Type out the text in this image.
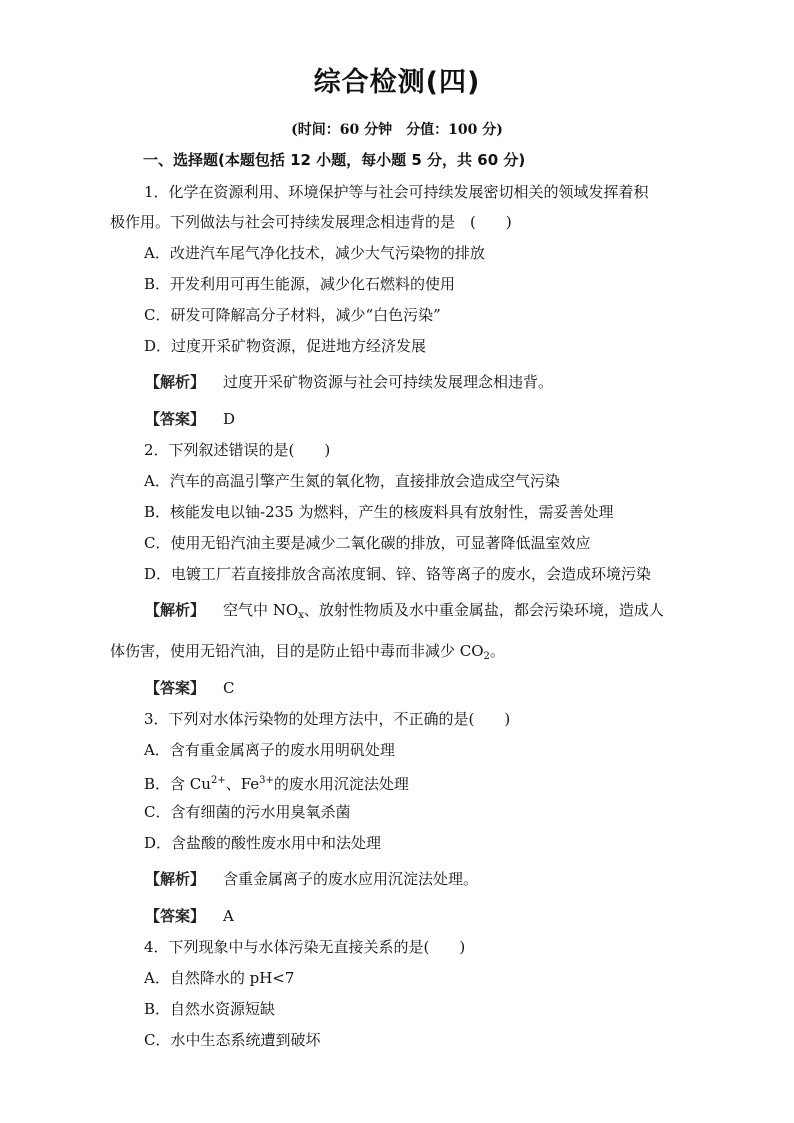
综合检测(四)
(时间：60 分钟　分值：100 分)
一、选择题(本题包括 12 小题，每小题 5 分，共 60 分)
1．化学在资源利用、环境保护等与社会可持续发展密切相关的领域发挥着积
极作用。下列做法与社会可持续发展理念相违背的是　(　　)
A．改进汽车尾气净化技术，减少大气污染物的排放
B．开发利用可再生能源，减少化石燃料的使用
C．研发可降解高分子材料，减少“白色污染”
D．过度开采矿物资源，促进地方经济发展
【解析】 过度开采矿物资源与社会可持续发展理念相违背。
【答案】 D
2．下列叙述错误的是(　　)
A．汽车的高温引擎产生氮的氧化物，直接排放会造成空气污染
B．核能发电以铀-235 为燃料，产生的核废料具有放射性，需妥善处理
C．使用无铅汽油主要是减少二氧化碳的排放，可显著降低温室效应
D．电镀工厂若直接排放含高浓度铜、锌、铬等离子的废水，会造成环境污染
【解析】 空气中 $NO_x$、放射性物质及水中重金属盐，都会污染环境，造成人
体伤害，使用无铅汽油，目的是防止铅中毒而非减少 $CO_2$。
【答案】 C
3．下列对水体污染物的处理方法中，不正确的是(　　)
A．含有重金属离子的废水用明矾处理
B．含 $Cu^{2+}$、$Fe^{3+}$的废水用沉淀法处理
C．含有细菌的污水用臭氧杀菌
D．含盐酸的酸性废水用中和法处理
【解析】 含重金属离子的废水应用沉淀法处理。
【答案】 A
4．下列现象中与水体污染无直接关系的是(　　)
A．自然降水的 pH<7
B．自然水资源短缺
C．水中生态系统遭到破坏
